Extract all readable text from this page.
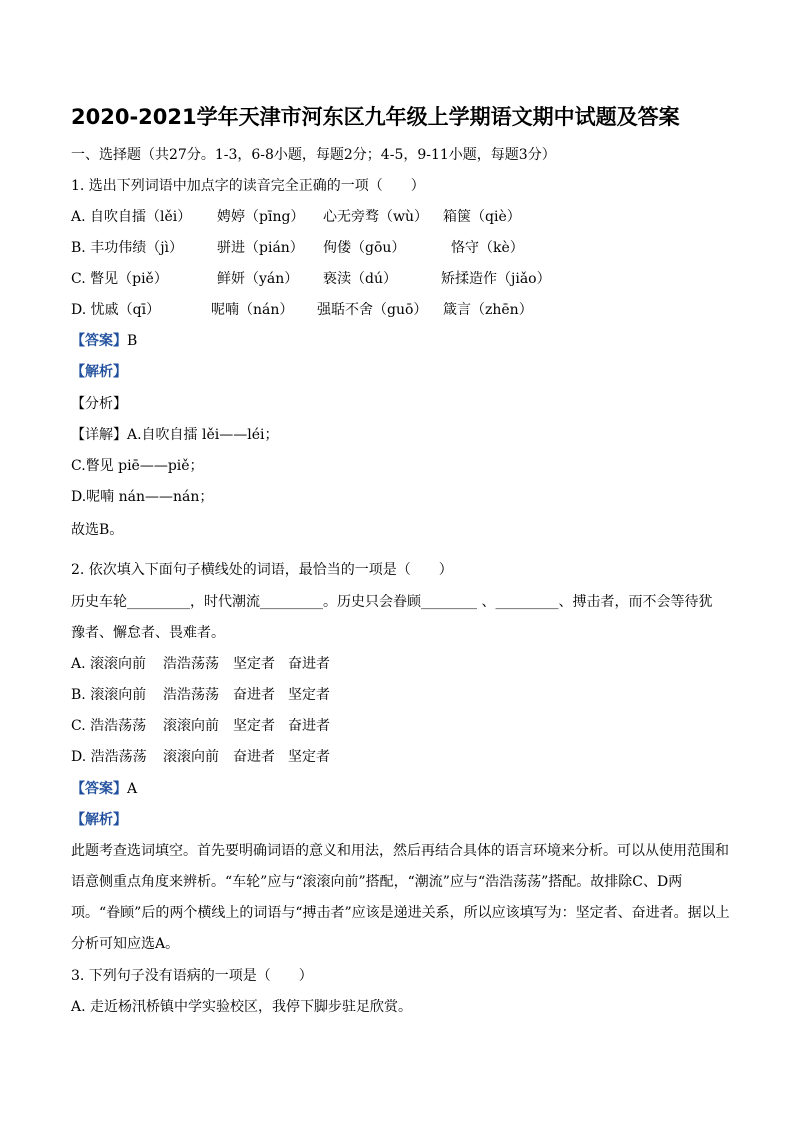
2020-2021学年天津市河东区九年级上学期语文期中试题及答案
一、选择题（共27分。1-3，6-8小题，每题2分；4-5，9-11小题，每题3分）
1. 选出下列词语中加点字的读音完全正确的一项（　　）
A. 自吹自擂（lěi） 娉婷（pīng） 心无旁骛（wù） 箱箧（qiè）
B. 丰功伟绩（jì） 骈进（pián） 佝偻（gōu）	恪守（kè）
C. 瞥见（piě）	鲜妍（yán） 亵渎（dú）	矫揉造作（jiǎo）
D. 忧戚（qī）	呢喃（nán） 强聒不舍（guō） 箴言（zhēn）
【答案】B
【解析】
【分析】
【详解】A.自吹自擂 lěi——léi；
C.瞥见 piē——piě；
D.呢喃 nán——nán；
故选B。
2. 依次填入下面句子横线处的词语，最恰当的一项是（　　）
历史车轮_________，时代潮流_________。历史只会眷顾________ 、_________、搏击者，而不会等待犹
豫者、懈怠者、畏难者。
A. 滚滚向前 浩浩荡荡 坚定者 奋进者
B. 滚滚向前 浩浩荡荡 奋进者 坚定者
C. 浩浩荡荡 滚滚向前 坚定者 奋进者
D. 浩浩荡荡 滚滚向前 奋进者 坚定者
【答案】A
【解析】
此题考查选词填空。首先要明确词语的意义和用法，然后再结合具体的语言环境来分析。可以从使用范围和语意侧重点角度来辨析。“车轮”应与“滚滚向前”搭配，“潮流”应与“浩浩荡荡”搭配。故排除C、D两项。“眷顾”后的两个横线上的词语与“搏击者”应该是递进关系，所以应该填写为：坚定者、奋进者。据以上分析可知应选A。
3. 下列句子没有语病的一项是（　　）
A. 走近杨汛桥镇中学实验校区，我停下脚步驻足欣赏。
